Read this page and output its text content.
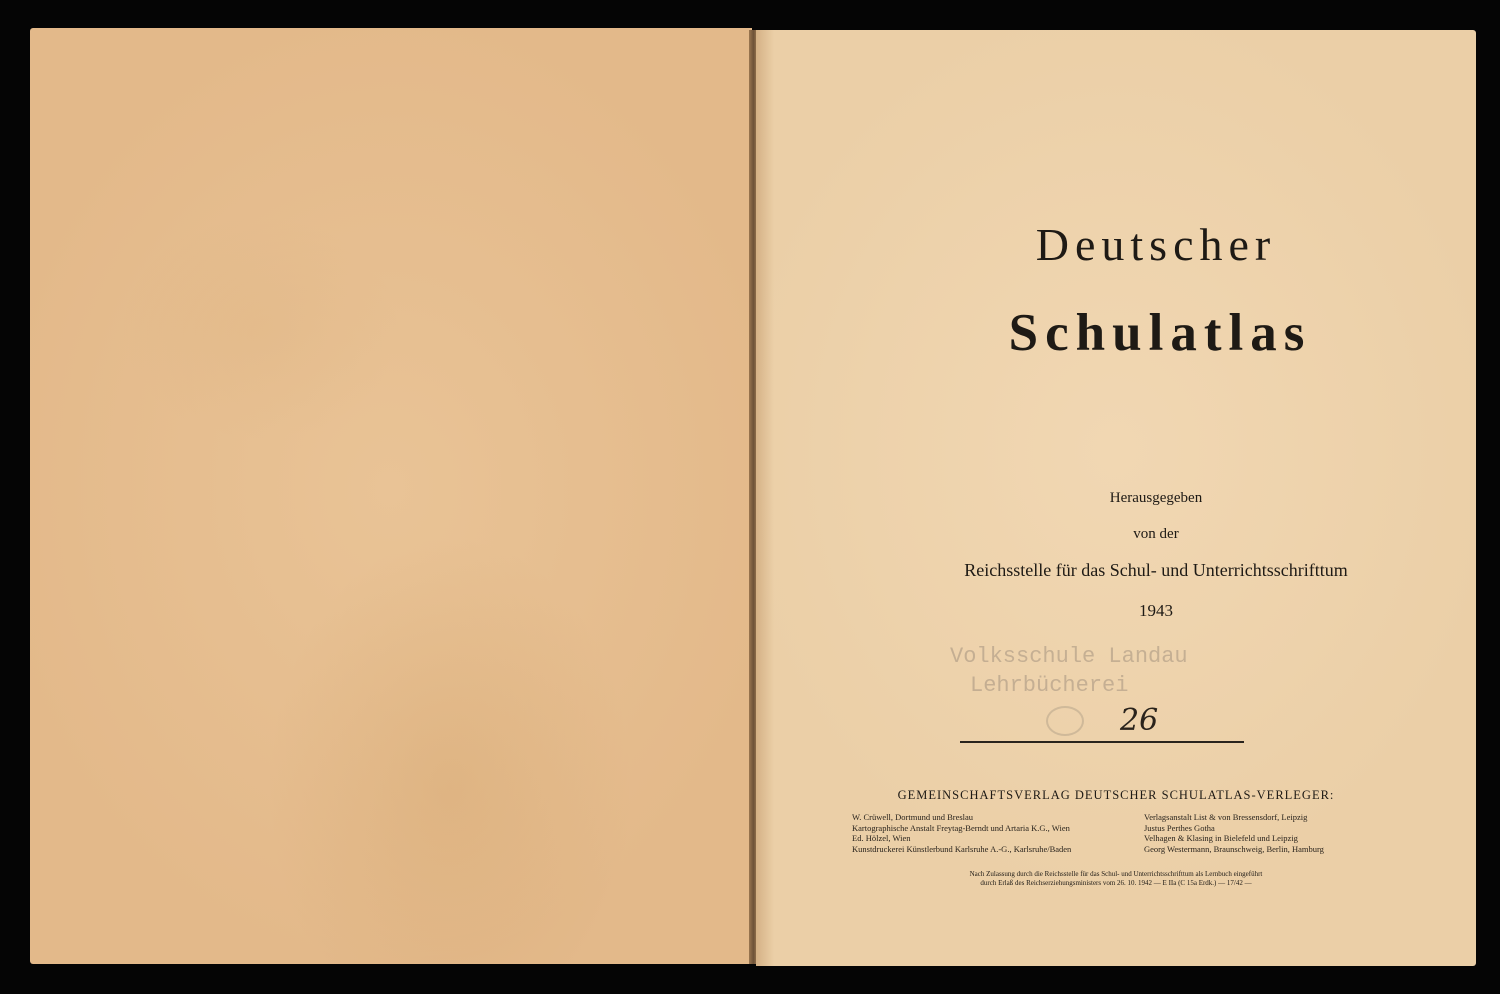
Deutscher
Schulatlas
Herausgegeben
von der
Reichsstelle für das Schul- und Unterrichtsschrifttum
1943
Volksschule Landau
Lehrbücherei
26
GEMEINSCHAFTSVERLAG DEUTSCHER SCHULATLAS-VERLEGER:
W. Crüwell, Dortmund und Breslau
Kartographische Anstalt Freytag-Berndt und Artaria K.G., Wien
Ed. Hölzel, Wien
Kunstdruckerei Künstlerbund Karlsruhe A.-G., Karlsruhe/Baden
Verlagsanstalt List & von Bressensdorf, Leipzig
Justus Perthes Gotha
Velhagen & Klasing in Bielefeld und Leipzig
Georg Westermann, Braunschweig, Berlin, Hamburg
Nach Zulassung durch die Reichsstelle für das Schul- und Unterrichtsschrifttum als Lernbuch eingeführt
durch Erlaß des Reichserziehungsministers vom 26. 10. 1942 — E IIa (C 15a Erdk.) — 17/42 —
